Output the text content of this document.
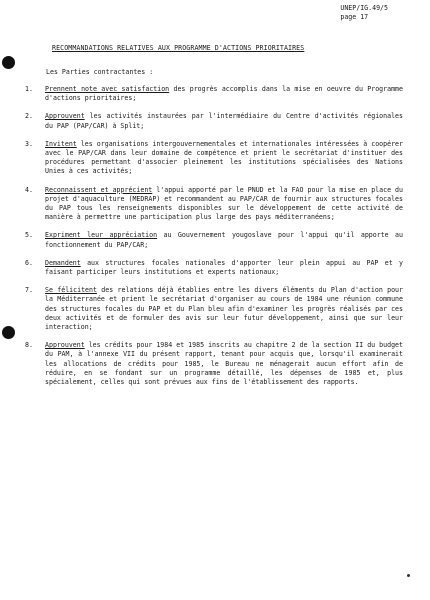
UNEP/IG.49/5
page 17
RECOMMANDATIONS RELATIVES AUX PROGRAMME D'ACTIONS PRIORITAIRES
Les Parties contractantes :
1.	Prennent note avec satisfaction des progrès accomplis dans la mise en oeuvre du Programme d'actions prioritaires;
2.	Approuvent les activités instaurées par l'intermédiaire du Centre d'activités régionales du PAP (PAP/CAR) à Split;
3.	Invitent les organisations intergouvernementales et internationales intéressées à coopérer avec le PAP/CAR dans leur domaine de compétence et prient le secrétariat d'instituer des procédures permettant d'associer pleinement les institutions spécialisées des Nations Unies à ces activités;
4.	Reconnaissent et apprécient l'appui apporté par le PNUD et la FAO pour la mise en place du projet d'aquaculture (MEDRAP) et recommandent au PAP/CAR de fournir aux structures focales du PAP tous les renseignements disponibles sur le développement de cette activité de manière à permettre une participation plus large des pays méditerranéens;
5.	Expriment leur appréciation au Gouvernement yougoslave pour l'appui qu'il apporte au fonctionnement du PAP/CAR;
6.	Demandent aux structures focales nationales d'apporter leur plein appui au PAP et y faisant participer leurs institutions et experts nationaux;
7.	Se félicitent des relations déjà établies entre les divers éléments du Plan d'action pour la Méditerranée et prient le secrétariat d'organiser au cours de 1984 une réunion commune des structures focales du PAP et du Plan bleu afin d'examiner les progrès réalisés par ces deux activités et de formuler des avis sur leur futur développement, ainsi que sur leur interaction;
8.	Approuvent les crédits pour 1984 et 1985 inscrits au chapitre 2 de la section II du budget du PAM, à l'annexe VII du présent rapport, tenant pour acquis que, lorsqu'il examinerait les allocations de crédits pour 1985, le Bureau ne ménagerait aucun effort afin de réduire, en se fondant sur un programme détaillé, les dépenses de 1985 et, plus spécialement, celles qui sont prévues aux fins de l'établissement des rapports.
